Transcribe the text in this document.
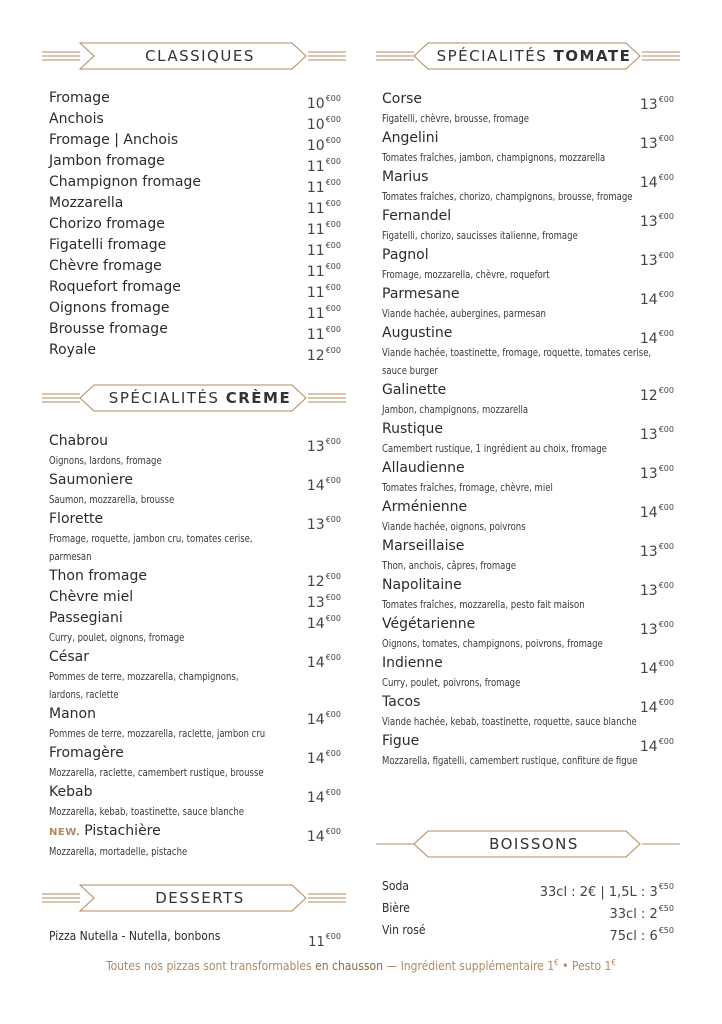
CLASSIQUES
Fromage	$10^{€00}$
Anchois	$10^{€00}$
Fromage | Anchois	$10^{€00}$
Jambon fromage	$11^{€00}$
Champignon fromage	$11^{€00}$
Mozzarella	$11^{€00}$
Chorizo fromage	$11^{€00}$
Figatelli fromage	$11^{€00}$
Chèvre fromage	$11^{€00}$
Roquefort fromage	$11^{€00}$
Oignons fromage	$11^{€00}$
Brousse fromage	$11^{€00}$
Royale	$12^{€00}$
SPÉCIALITÉS CRÈME
Chabrou	$13^{€00}$
Oignons, lardons, fromage
Saumoniere	$14^{€00}$
Saumon, mozzarella, brousse
Florette	$13^{€00}$
Fromage, roquette, jambon cru, tomates cerise, parmesan
Thon fromage	$12^{€00}$
Chèvre miel	$13^{€00}$
Passegiani	$14^{€00}$
Curry, poulet, oignons, fromage
César	$14^{€00}$
Pommes de terre, mozzarella, champignons, lardons, raclette
Manon	$14^{€00}$
Pommes de terre, mozzarella, raclette, jambon cru
Fromagère	$14^{€00}$
Mozzarella, raclette, camembert rustique, brousse
Kebab	$14^{€00}$
Mozzarella, kebab, toastinette, sauce blanche
NEW. Pistachière	$14^{€00}$
Mozzarella, mortadelle, pistache
DESSERTS
Pizza Nutella - Nutella, bonbons	$11^{€00}$
SPÉCIALITÉS TOMATE
Corse	$13^{€00}$
Figatelli, chèvre, brousse, fromage
Angelini	$13^{€00}$
Tomates fraîches, jambon, champignons, mozzarella
Marius	$14^{€00}$
Tomates fraîches, chorizo, champignons, brousse, fromage
Fernandel	$13^{€00}$
Figatelli, chorizo, saucisses italienne, fromage
Pagnol	$13^{€00}$
Fromage, mozzarella, chèvre, roquefort
Parmesane	$14^{€00}$
Viande hachée, aubergines, parmesan
Augustine	$14^{€00}$
Viande hachée, toastinette, fromage, roquette, tomates cerise, sauce burger
Galinette	$12^{€00}$
Jambon, champignons, mozzarella
Rustique	$13^{€00}$
Camembert rustique, 1 ingrédient au choix, fromage
Allaudienne	$13^{€00}$
Tomates fraîches, fromage, chèvre, miel
Arménienne	$14^{€00}$
Viande hachée, oignons, poivrons
Marseillaise	$13^{€00}$
Thon, anchois, câpres, fromage
Napolitaine	$13^{€00}$
Tomates fraîches, mozzarella, pesto fait maison
Végétarienne	$13^{€00}$
Oignons, tomates, champignons, poivrons, fromage
Indienne	$14^{€00}$
Curry, poulet, poivrons, fromage
Tacos	$14^{€00}$
Viande hachée, kebab, toastinette, roquette, sauce blanche
Figue	$14^{€00}$
Mozzarella, figatelli, camembert rustique, confiture de figue
BOISSONS
Soda	33cl : 2€ | 1,5L : $3^{€50}$
Bière	33cl : $2^{€50}$
Vin rosé	75cl : $6^{€50}$
Toutes nos pizzas sont transformables en chausson — Ingrédient supplémentaire 1€ • Pesto 1€
